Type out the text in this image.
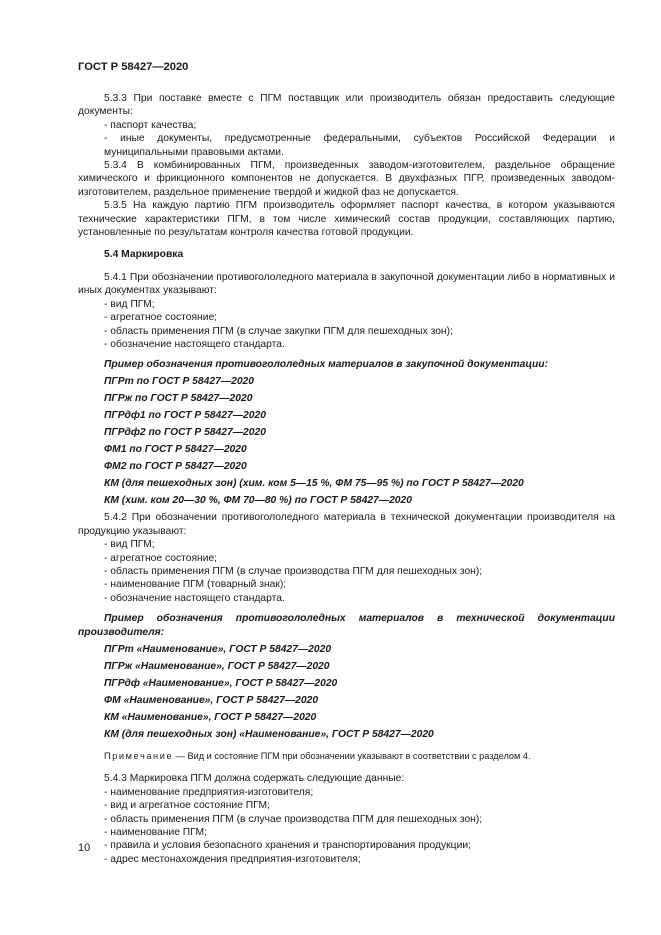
ГОСТ Р 58427—2020

5.3.3 При поставке вместе с ПГМ поставщик или производитель обязан предоставить следующие документы:

- паспорт качества;

- иные документы, предусмотренные федеральными, субъектов Российской Федерации и муниципальными правовыми актами.

5.3.4 В комбинированных ПГМ, произведенных заводом-изготовителем, раздельное обращение химического и фрикционного компонентов не допускается. В двухфазных ПГР, произведенных заводом-изготовителем, раздельное применение твердой и жидкой фаз не допускается.

5.3.5 На каждую партию ПГМ производитель оформляет паспорт качества, в котором указываются технические характеристики ПГМ, в том числе химический состав продукции, составляющих партию, установленные по результатам контроля качества готовой продукции.

5.4 Маркировка

5.4.1 При обозначении противогололедного материала в закупочной документации либо в нормативных и иных документах указывают:

- вид ПГМ;

- агрегатное состояние;

- область применения ПГМ (в случае закупки ПГМ для пешеходных зон);

- обозначение настоящего стандарта.

Пример обозначения противогололедных материалов в закупочной документации:

ПГРт по ГОСТ Р 58427—2020

ПГРж по ГОСТ Р 58427—2020

ПГРдф1 по ГОСТ Р 58427—2020

ПГРдф2 по ГОСТ Р 58427—2020

ФМ1 по ГОСТ Р 58427—2020

ФМ2 по ГОСТ Р 58427—2020

КМ (для пешеходных зон) (хим. ком 5—15 %, ФМ 75—95 %) по ГОСТ Р 58427—2020

КМ (хим. ком 20—30 %, ФМ 70—80 %) по ГОСТ Р 58427—2020

5.4.2 При обозначении противогололедного материала в технической документации производителя на продукцию указывают:

- вид ПГМ;

- агрегатное состояние;

- область применения ПГМ (в случае производства ПГМ для пешеходных зон);

- наименование ПГМ (товарный знак);

- обозначение настоящего стандарта.

Пример обозначения противогололедных материалов в технической документации производителя:

ПГРт «Наименование», ГОСТ Р 58427—2020

ПГРж «Наименование», ГОСТ Р 58427—2020

ПГРдф «Наименование», ГОСТ Р 58427—2020

ФМ «Наименование», ГОСТ Р 58427—2020

КМ «Наименование», ГОСТ Р 58427—2020

КМ (для пешеходных зон) «Наименование», ГОСТ Р 58427—2020

Примечание — Вид и состояние ПГМ при обозначении указывают в соответствии с разделом 4.

5.4.3 Маркировка ПГМ должна содержать следующие данные:

- наименование предприятия-изготовителя;

- вид и агрегатное состояние ПГМ;

- область применения ПГМ (в случае производства ПГМ для пешеходных зон);

- наименование ПГМ;

- правила и условия безопасного хранения и транспортирования продукции;

- адрес местонахождения предприятия-изготовителя;

10
